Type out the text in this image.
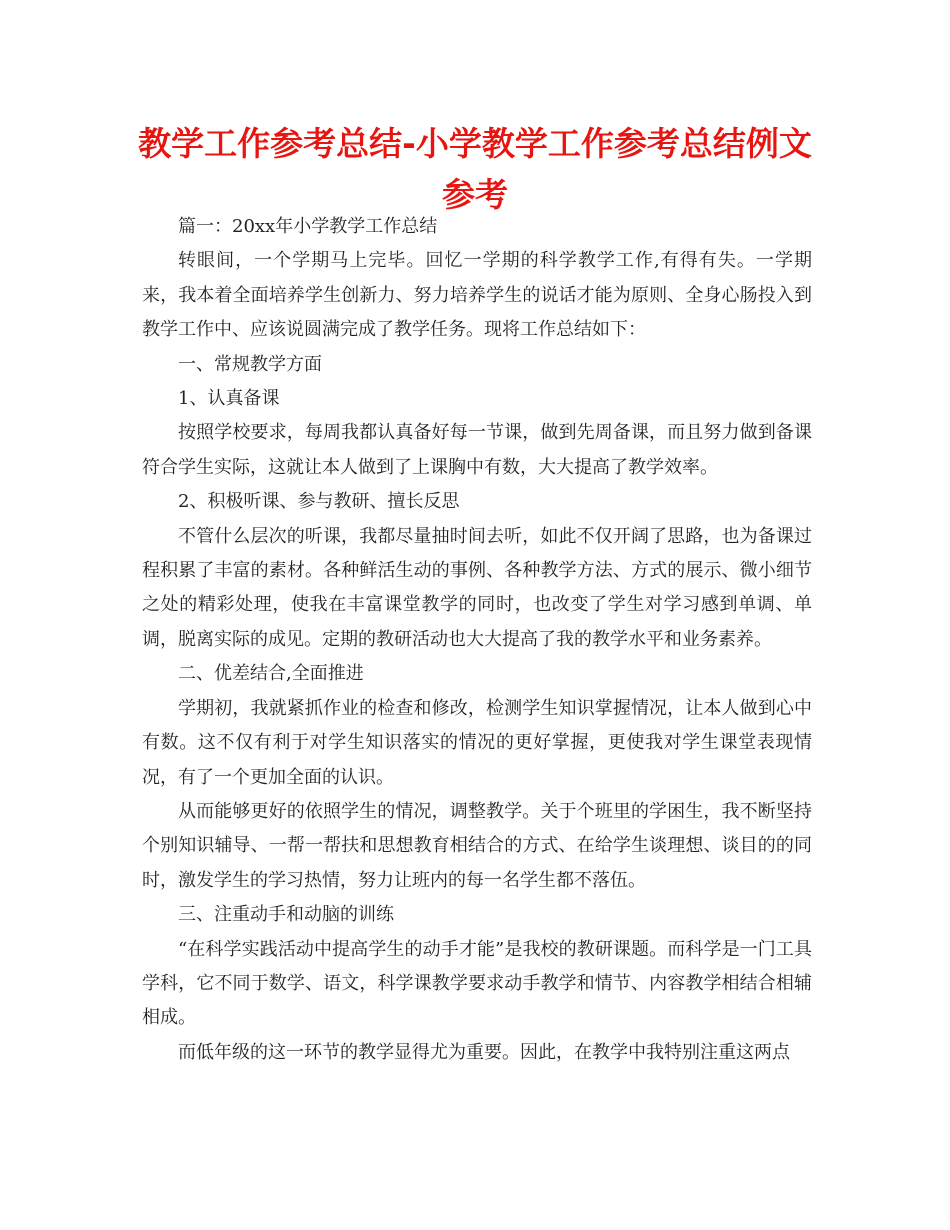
教学工作参考总结-小学教学工作参考总结例文参考

篇一：20xx年小学教学工作总结

转眼间，一个学期马上完毕。回忆一学期的科学教学工作,有得有失。一学期来，我本着全面培养学生创新力、努力培养学生的说话才能为原则、全身心肠投入到教学工作中、应该说圆满完成了教学任务。现将工作总结如下：

一、常规教学方面

1、认真备课

按照学校要求，每周我都认真备好每一节课，做到先周备课，而且努力做到备课符合学生实际，这就让本人做到了上课胸中有数，大大提高了教学效率。

2、积极听课、参与教研、擅长反思

不管什么层次的听课，我都尽量抽时间去听，如此不仅开阔了思路，也为备课过程积累了丰富的素材。各种鲜活生动的事例、各种教学方法、方式的展示、微小细节之处的精彩处理，使我在丰富课堂教学的同时，也改变了学生对学习感到单调、单调，脱离实际的成见。定期的教研活动也大大提高了我的教学水平和业务素养。

二、优差结合,全面推进

学期初，我就紧抓作业的检查和修改，检测学生知识掌握情况，让本人做到心中有数。这不仅有利于对学生知识落实的情况的更好掌握，更使我对学生课堂表现情况，有了一个更加全面的认识。

从而能够更好的依照学生的情况，调整教学。关于个班里的学困生，我不断坚持个别知识辅导、一帮一帮扶和思想教育相结合的方式、在给学生谈理想、谈目的的同时，激发学生的学习热情，努力让班内的每一名学生都不落伍。

三、注重动手和动脑的训练

“在科学实践活动中提高学生的动手才能”是我校的教研课题。而科学是一门工具学科，它不同于数学、语文，科学课教学要求动手教学和情节、内容教学相结合相辅相成。

而低年级的这一环节的教学显得尤为重要。因此，在教学中我特别注重这两点
